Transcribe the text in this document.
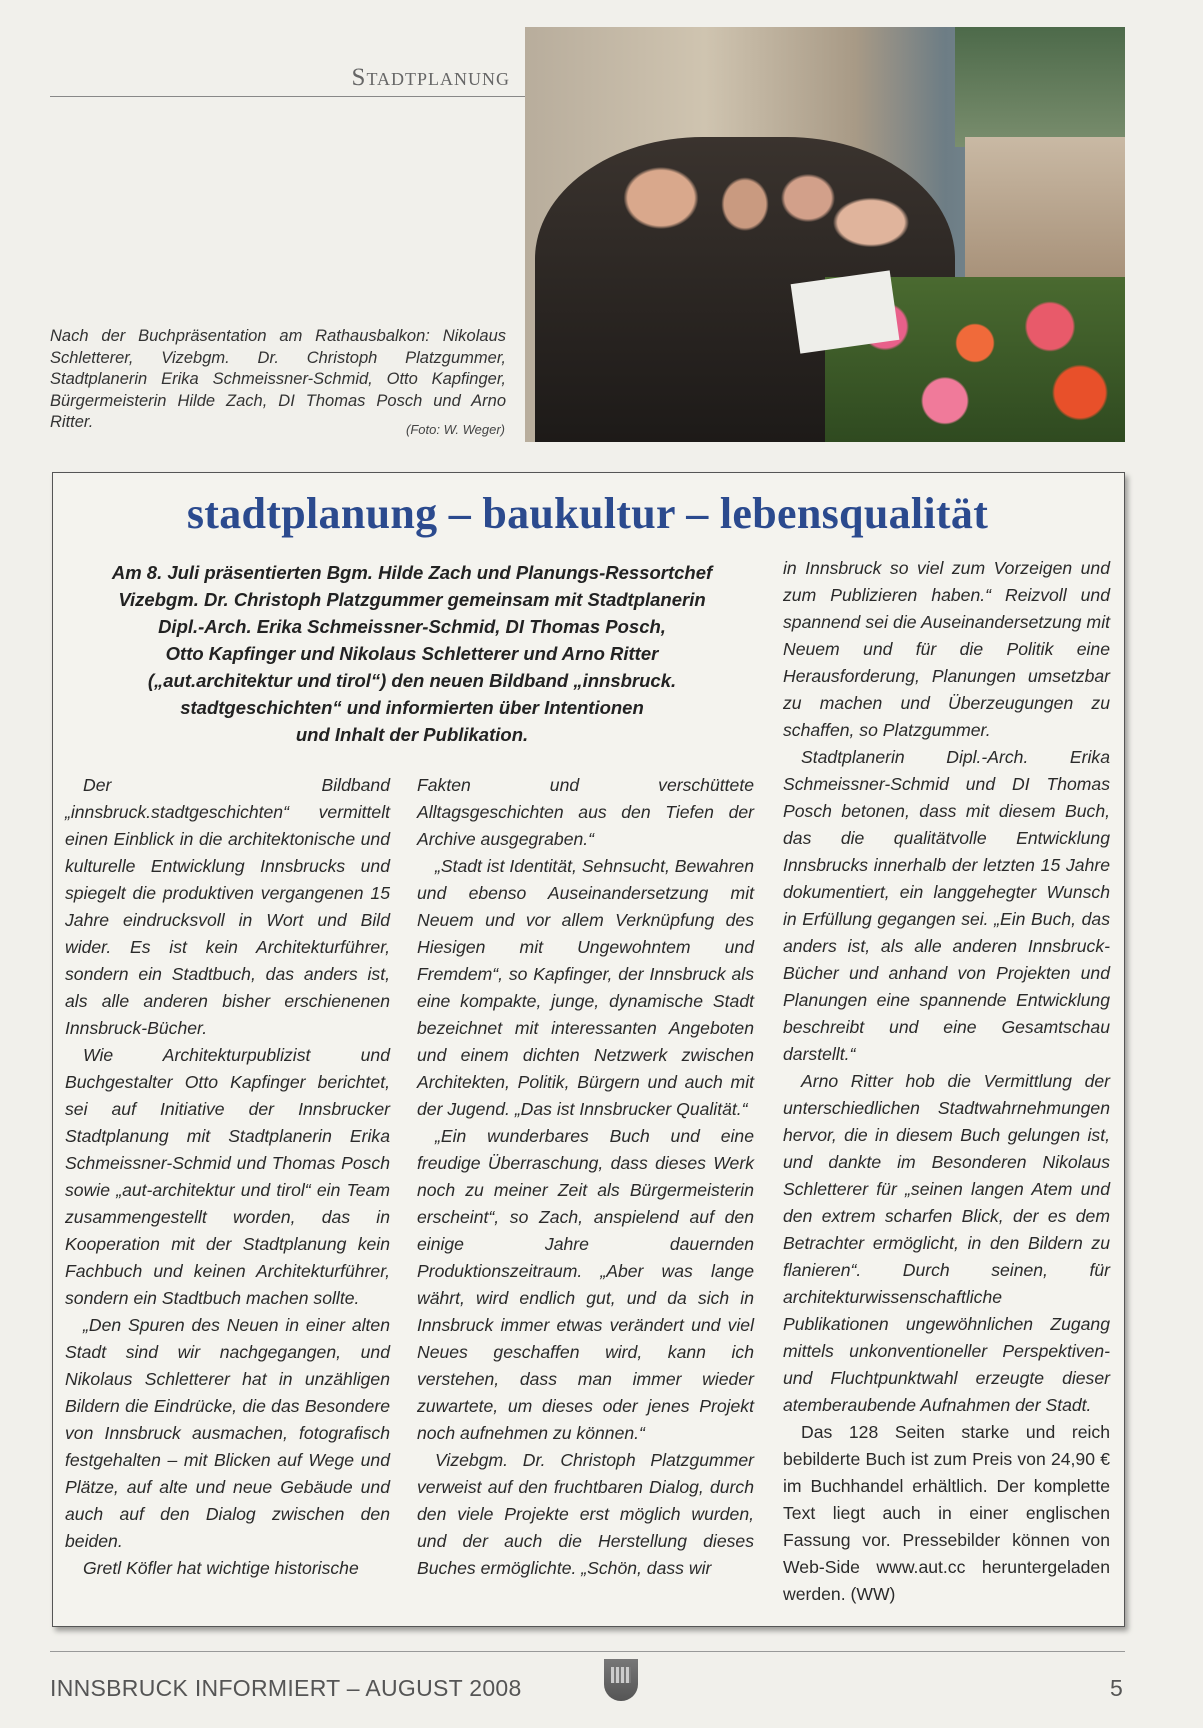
Stadtplanung
Nach der Buchpräsentation am Rathausbalkon: Nikolaus Schletterer, Vizebgm. Dr. Christoph Platzgummer, Stadtplanerin Erika Schmeissner-Schmid, Otto Kapfinger, Bürgermeisterin Hilde Zach, DI Thomas Posch und Arno Ritter.	(Foto: W. Weger)
stadtplanung – baukultur – lebensqualität
Am 8. Juli präsentierten Bgm. Hilde Zach und Planungs-Ressortchef
Vizebgm. Dr. Christoph Platzgummer gemeinsam mit Stadtplanerin
Dipl.-Arch. Erika Schmeissner-Schmid, DI Thomas Posch,
Otto Kapfinger und Nikolaus Schletterer und Arno Ritter
(„aut.architektur und tirol“) den neuen Bildband „innsbruck.
stadtgeschichten“ und informierten über Intentionen
und Inhalt der Publikation.

Der Bildband „innsbruck.stadtgeschichten“ vermittelt einen Einblick in die architektonische und kulturelle Entwicklung Innsbrucks und spiegelt die produktiven vergangenen 15 Jahre eindrucksvoll in Wort und Bild wider. Es ist kein Architekturführer, sondern ein Stadtbuch, das anders ist, als alle anderen bisher erschienenen Innsbruck-Bücher.

Wie Architekturpublizist und Buchgestalter Otto Kapfinger berichtet, sei auf Initiative der Innsbrucker Stadtplanung mit Stadtplanerin Erika Schmeissner-Schmid und Thomas Posch sowie „aut-architektur und tirol“ ein Team zusammengestellt worden, das in Kooperation mit der Stadtplanung kein Fachbuch und keinen Architekturführer, sondern ein Stadtbuch machen sollte.

„Den Spuren des Neuen in einer alten Stadt sind wir nachgegangen, und Nikolaus Schletterer hat in unzähligen Bildern die Eindrücke, die das Besondere von Innsbruck ausmachen, fotografisch festgehalten – mit Blicken auf Wege und Plätze, auf alte und neue Gebäude und auch auf den Dialog zwischen den beiden.

Gretl Köfler hat wichtige historische

Fakten und verschüttete Alltagsgeschichten aus den Tiefen der Archive ausgegraben.“

„Stadt ist Identität, Sehnsucht, Bewahren und ebenso Auseinandersetzung mit Neuem und vor allem Verknüpfung des Hiesigen mit Ungewohntem und Fremdem“, so Kapfinger, der Innsbruck als eine kompakte, junge, dynamische Stadt bezeichnet mit interessanten Angeboten und einem dichten Netzwerk zwischen Architekten, Politik, Bürgern und auch mit der Jugend. „Das ist Innsbrucker Qualität.“

„Ein wunderbares Buch und eine freudige Überraschung, dass dieses Werk noch zu meiner Zeit als Bürgermeisterin erscheint“, so Zach, anspielend auf den einige Jahre dauernden Produktionszeitraum. „Aber was lange währt, wird endlich gut, und da sich in Innsbruck immer etwas verändert und viel Neues geschaffen wird, kann ich verstehen, dass man immer wieder zuwartete, um dieses oder jenes Projekt noch aufnehmen zu können.“

Vizebgm. Dr. Christoph Platzgummer verweist auf den fruchtbaren Dialog, durch den viele Projekte erst möglich wurden, und der auch die Herstellung dieses Buches ermöglichte. „Schön, dass wir

in Innsbruck so viel zum Vorzeigen und zum Publizieren haben.“ Reizvoll und spannend sei die Auseinandersetzung mit Neuem und für die Politik eine Herausforderung, Planungen umsetzbar zu machen und Überzeugungen zu schaffen, so Platzgummer.

Stadtplanerin Dipl.-Arch. Erika Schmeissner-Schmid und DI Thomas Posch betonen, dass mit diesem Buch, das die qualitätvolle Entwicklung Innsbrucks innerhalb der letzten 15 Jahre dokumentiert, ein langgehegter Wunsch in Erfüllung gegangen sei. „Ein Buch, das anders ist, als alle anderen Innsbruck-Bücher und anhand von Projekten und Planungen eine spannende Entwicklung beschreibt und eine Gesamtschau darstellt.“

Arno Ritter hob die Vermittlung der unterschiedlichen Stadtwahrnehmungen hervor, die in diesem Buch gelungen ist, und dankte im Besonderen Nikolaus Schletterer für „seinen langen Atem und den extrem scharfen Blick, der es dem Betrachter ermöglicht, in den Bildern zu flanieren“. Durch seinen, für architekturwissenschaftliche Publikationen ungewöhnlichen Zugang mittels unkonventioneller Perspektiven- und Fluchtpunktwahl erzeugte dieser atemberaubende Aufnahmen der Stadt.

Das 128 Seiten starke und reich bebilderte Buch ist zum Preis von 24,90 € im Buchhandel erhältlich. Der komplette Text liegt auch in einer englischen Fassung vor. Pressebilder können von Web-Side www.aut.cc heruntergeladen werden. (WW)

INNSBRUCK INFORMIERT – AUGUST 2008	5
